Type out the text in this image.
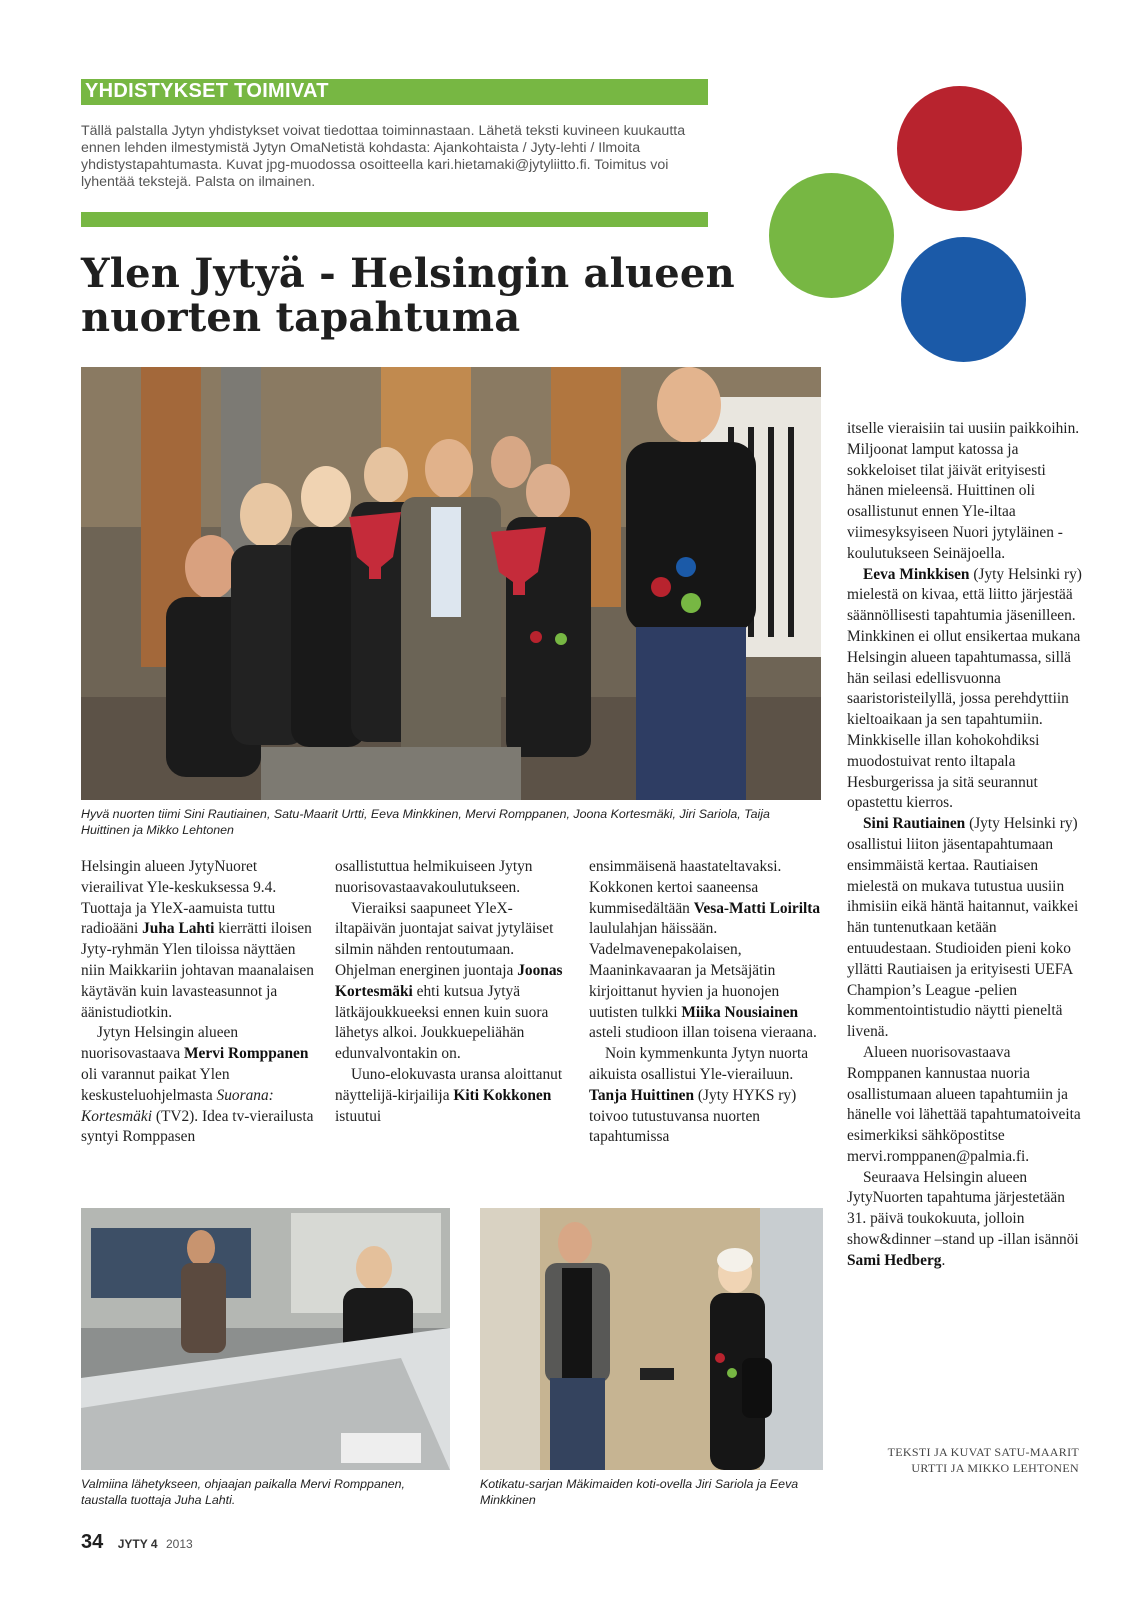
YHDISTYKSET TOIMIVAT
Tällä palstalla Jytyn yhdistykset voivat tiedottaa toiminnastaan. Lähetä teksti kuvineen kuukautta ennen lehden ilmestymistä Jytyn OmaNetistä kohdasta: Ajankohtaista / Jyty-lehti / Ilmoita yhdistystapahtumasta. Kuvat jpg-muodossa osoitteella kari.hietamaki@jytyliitto.fi. Toimitus voi lyhentää tekstejä. Palsta on ilmainen.
Ylen Jytyä - Helsingin alueen
nuorten tapahtuma
Hyvä nuorten tiimi Sini Rautiainen, Satu-Maarit Urtti, Eeva Minkkinen, Mervi Romppanen, Joona Kortesmäki, Jiri Sariola, Taija Huittinen ja Mikko Lehtonen

Helsingin alueen JytyNuoret vierailivat Yle-keskuksessa 9.4. Tuottaja ja YleX-aamuista tuttu radioääni Juha Lahti kierrätti iloisen Jyty-ryhmän Ylen tiloissa näyttäen niin Maikkariin johtavan maanalaisen käytävän kuin lavasteasunnot ja äänistudiotkin.

Jytyn Helsingin alueen nuorisovastaava Mervi Romppanen oli varannut paikat Ylen keskusteluohjelmasta Suorana: Kortesmäki (TV2). Idea tv-vierailusta syntyi Romppasen

osallistuttua helmikuiseen Jytyn nuorisovastaavakoulutukseen.

Vieraiksi saapuneet YleX-iltapäivän juontajat saivat jytyläiset silmin nähden rentoutumaan. Ohjelman energinen juontaja Joonas Kortesmäki ehti kutsua Jytyä lätkäjoukkueeksi ennen kuin suora lähetys alkoi. Joukkuepeliähän edunvalvontakin on.

Uuno-elokuvasta uransa aloittanut näyttelijä-kirjailija Kiti Kokkonen istuutui

ensimmäisenä haastateltavaksi. Kokkonen kertoi saaneensa kummisedältään Vesa-Matti Loirilta laululahjan häissään. Vadelmavenepakolaisen, Maaninkavaaran ja Metsäjätin kirjoittanut hyvien ja huonojen uutisten tulkki Miika Nousiainen asteli studioon illan toisena vieraana.

Noin kymmenkunta Jytyn nuorta aikuista osallistui Yle-vierailuun. Tanja Huittinen (Jyty HYKS ry) toivoo tutustuvansa nuorten tapahtumissa

itselle vieraisiin tai uusiin paikkoihin. Miljoonat lamput katossa ja sokkeloiset tilat jäivät erityisesti hänen mieleensä. Huittinen oli osallistunut ennen Yle-iltaa viimesyksyiseen Nuori jytyläinen -koulutukseen Seinäjoella.

Eeva Minkkisen (Jyty Helsinki ry) mielestä on kivaa, että liitto järjestää säännöllisesti tapahtumia jäsenilleen. Minkkinen ei ollut ensikertaa mukana Helsingin alueen tapahtumassa, sillä hän seilasi edellisvuonna saaristoristeilyllä, jossa perehdyttiin kieltoaikaan ja sen tapahtumiin. Minkkiselle illan kohokohdiksi muodostuivat rento iltapala Hesburgerissa ja sitä seurannut opastettu kierros.

Sini Rautiainen (Jyty Helsinki ry) osallistui liiton jäsentapahtumaan ensimmäistä kertaa. Rautiaisen mielestä on mukava tutustua uusiin ihmisiin eikä häntä haitannut, vaikkei hän tuntenutkaan ketään entuudestaan. Studioiden pieni koko yllätti Rautiaisen ja erityisesti UEFA Champion’s League -pelien kommentointistudio näytti pieneltä livenä.

Alueen nuorisovastaava Romppanen kannustaa nuoria osallistumaan alueen tapahtumiin ja hänelle voi lähettää tapahtumatoiveita esimerkiksi sähköpostitse mervi.romppanen@palmia.fi.

Seuraava Helsingin alueen JytyNuorten tapahtuma järjestetään 31. päivä toukokuuta, jolloin show&dinner –stand up -illan isännöi Sami Hedberg.

TEKSTI JA KUVAT SATU-MAARIT
URTTI JA MIKKO LEHTONEN
Valmiina lähetykseen, ohjaajan paikalla Mervi Romppanen, taustalla tuottaja Juha Lahti.
Kotikatu-sarjan Mäkimaiden koti-ovella Jiri Sariola ja Eeva Minkkinen
34 JYTY 4 2013
